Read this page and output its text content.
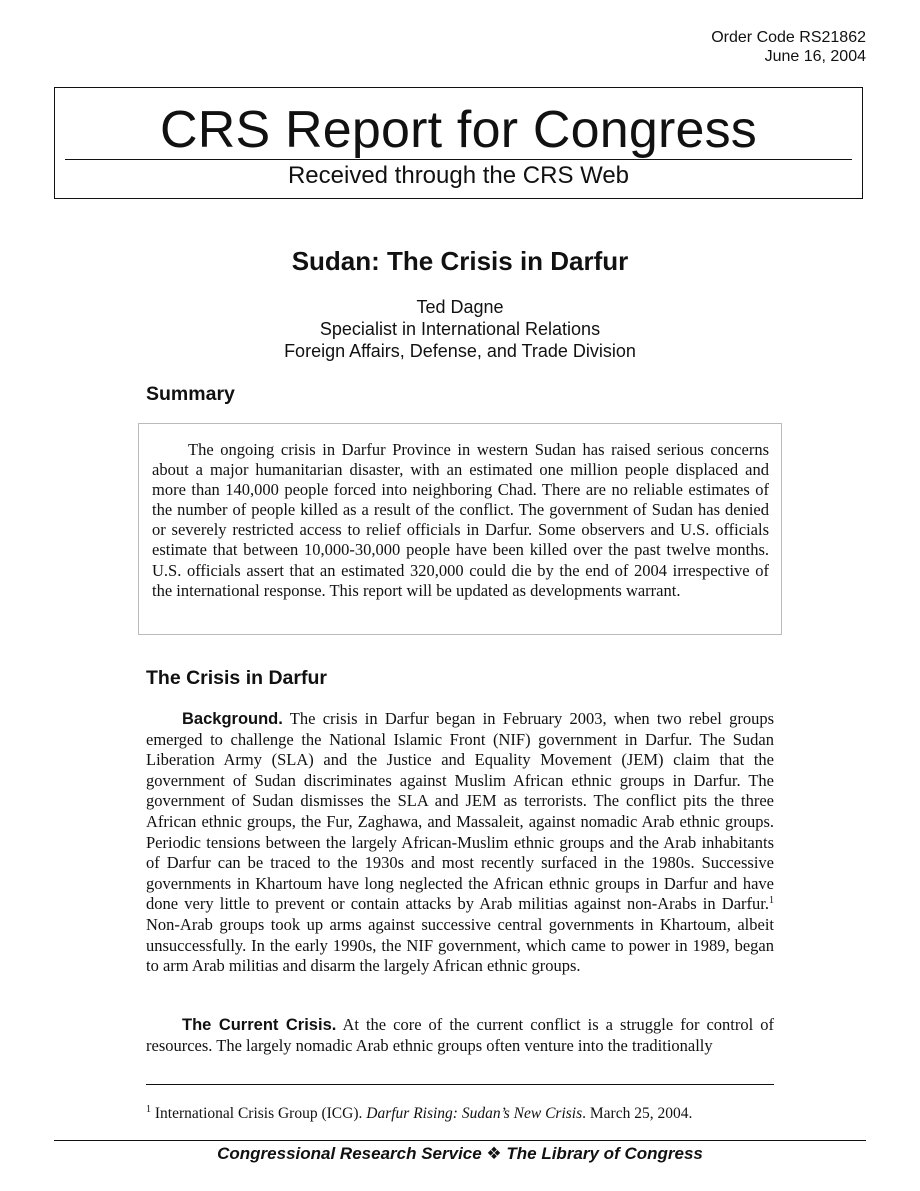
Order Code RS21862
June 16, 2004
CRS Report for Congress
Received through the CRS Web
Sudan: The Crisis in Darfur
Ted Dagne
Specialist in International Relations
Foreign Affairs, Defense, and Trade Division
Summary

The ongoing crisis in Darfur Province in western Sudan has raised serious concerns about a major humanitarian disaster, with an estimated one million people displaced and more than 140,000 people forced into neighboring Chad. There are no reliable estimates of the number of people killed as a result of the conflict. The government of Sudan has denied or severely restricted access to relief officials in Darfur. Some observers and U.S. officials estimate that between 10,000-30,000 people have been killed over the past twelve months. U.S. officials assert that an estimated 320,000 could die by the end of 2004 irrespective of the international response. This report will be updated as developments warrant.

The Crisis in Darfur

Background. The crisis in Darfur began in February 2003, when two rebel groups emerged to challenge the National Islamic Front (NIF) government in Darfur. The Sudan Liberation Army (SLA) and the Justice and Equality Movement (JEM) claim that the government of Sudan discriminates against Muslim African ethnic groups in Darfur. The government of Sudan dismisses the SLA and JEM as terrorists. The conflict pits the three African ethnic groups, the Fur, Zaghawa, and Massaleit, against nomadic Arab ethnic groups. Periodic tensions between the largely African-Muslim ethnic groups and the Arab inhabitants of Darfur can be traced to the 1930s and most recently surfaced in the 1980s. Successive governments in Khartoum have long neglected the African ethnic groups in Darfur and have done very little to prevent or contain attacks by Arab militias against non-Arabs in Darfur.$^1$ Non-Arab groups took up arms against successive central governments in Khartoum, albeit unsuccessfully. In the early 1990s, the NIF government, which came to power in 1989, began to arm Arab militias and disarm the largely African ethnic groups.

The Current Crisis. At the core of the current conflict is a struggle for control of resources. The largely nomadic Arab ethnic groups often venture into the traditionally

$^1$ International Crisis Group (ICG). Darfur Rising: Sudan’s New Crisis. March 25, 2004.
Congressional Research Service ❖ The Library of Congress
